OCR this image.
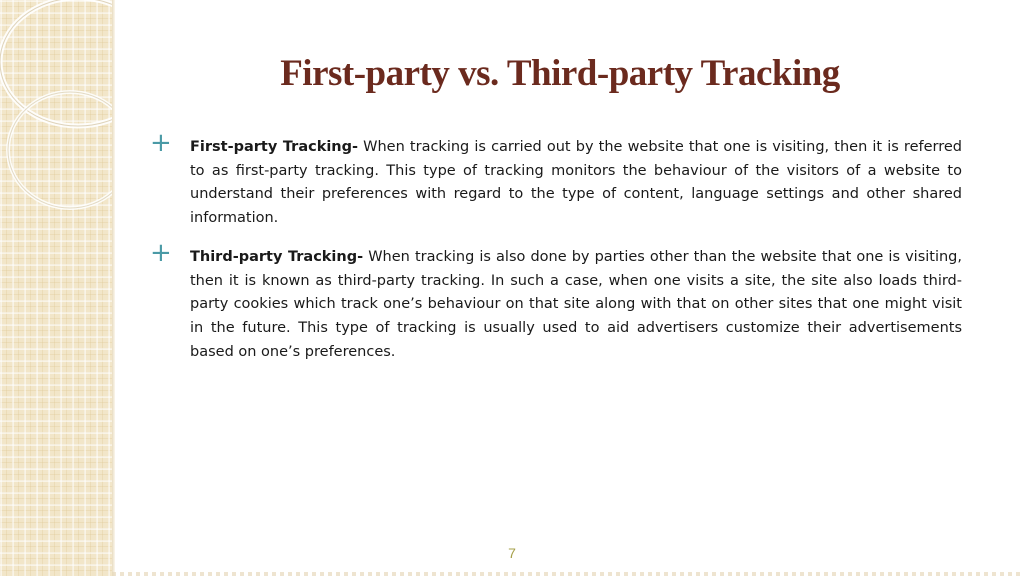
First-party vs. Third-party Tracking
+ First-party Tracking- When tracking is carried out by the website that one is visiting, then it is referred to as first-party tracking. This type of tracking monitors the behaviour of the visitors of a website to understand their preferences with regard to the type of content, language settings and other shared information.

+ Third-party Tracking- When tracking is also done by parties other than the website that one is visiting, then it is known as third-party tracking. In such a case, when one visits a site, the site also loads third-party cookies which track one’s behaviour on that site along with that on other sites that one might visit in the future. This type of tracking is usually used to aid advertisers customize their advertisements based on one’s preferences.

7
